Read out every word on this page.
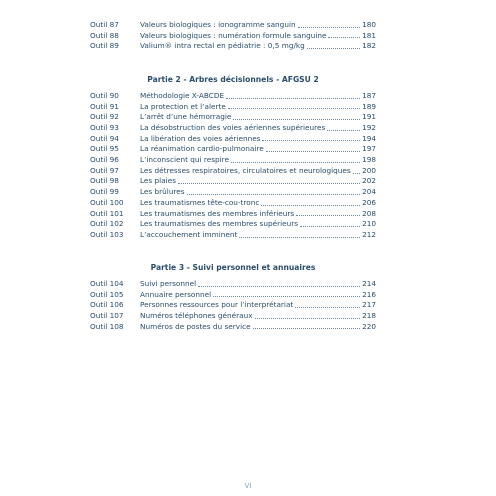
Outil 87	Valeurs biologiques : ionogramme sanguin	180
Outil 88	Valeurs biologiques : numération formule sanguine	181
Outil 89	Valium® intra rectal en pédiatrie : 0,5 mg/kg	182
Partie 2 - Arbres décisionnels - AFGSU 2
Outil 90	Méthodologie X-ABCDE	187
Outil 91	La protection et l’alerte	189
Outil 92	L’arrêt d’une hémorragie	191
Outil 93	La désobstruction des voies aériennes supérieures	192
Outil 94	La libération des voies aériennes	194
Outil 95	La réanimation cardio-pulmonaire	197
Outil 96	L’inconscient qui respire	198
Outil 97	Les détresses respiratoires, circulatoires et neurologiques 200
Outil 98	Les plaies	202
Outil 99	Les brûlures	204
Outil 100	Les traumatismes tête-cou-tronc	206
Outil 101	Les traumatismes des membres inférieurs	208
Outil 102	Les traumatismes des membres supérieurs	210
Outil 103	L’accouchement imminent	212
Partie 3 - Suivi personnel et annuaires
Outil 104	Suivi personnel	214
Outil 105	Annuaire personnel	216
Outil 106	Personnes ressources pour l’interprétariat	217
Outil 107	Numéros téléphones généraux	218
Outil 108	Numéros de postes du service	220
VI
